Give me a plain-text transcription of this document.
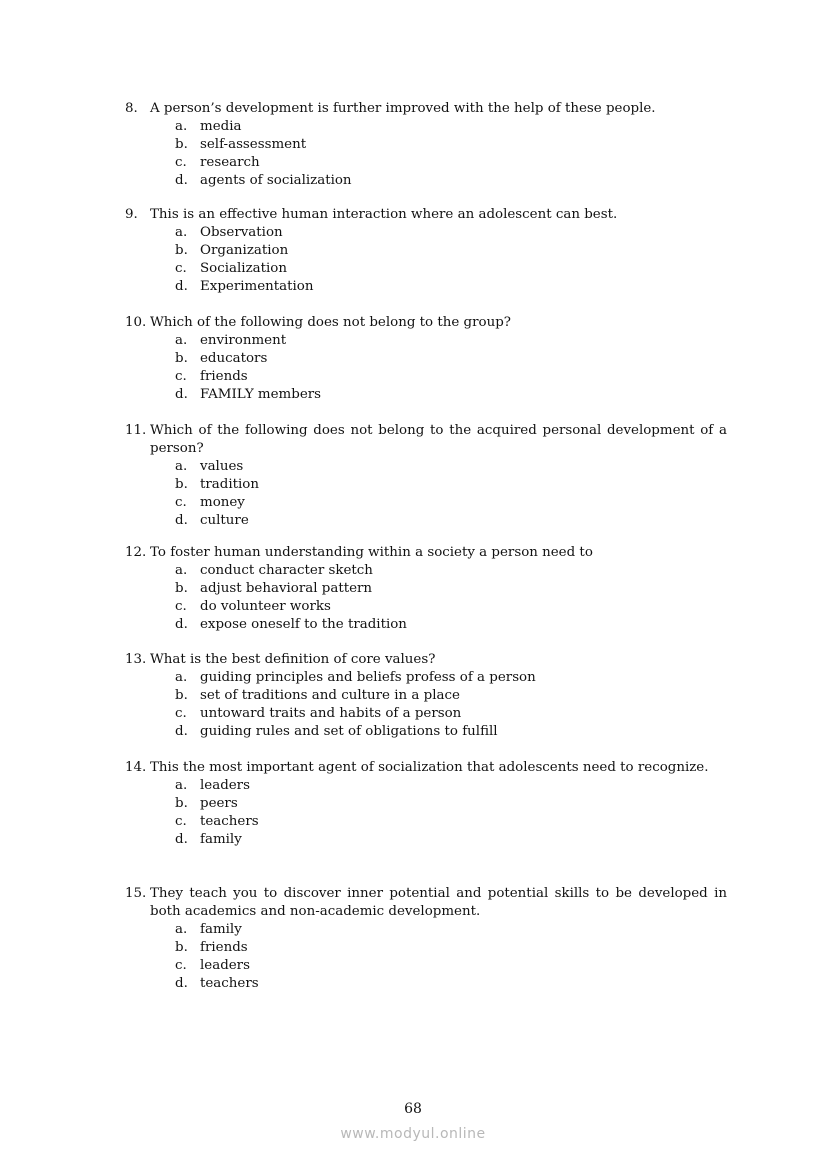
8. A person’s development is further improved with the help of these people.
a. media
b. self-assessment
c. research
d. agents of socialization
9. This is an effective human interaction where an adolescent can best.
a. Observation
b. Organization
c. Socialization
d. Experimentation
10. Which of the following does not belong to the group?
a. environment
b. educators
c. friends
d. FAMILY members
11. Which of the following does not belong to the acquired personal development of a person?
a. values
b. tradition
c. money
d. culture
12. To foster human understanding within a society a person need to
a. conduct character sketch
b. adjust behavioral pattern
c. do volunteer works
d. expose oneself to the tradition
13. What is the best definition of core values?
a. guiding principles and beliefs profess of a person
b. set of traditions and culture in a place
c. untoward traits and habits of a person
d. guiding rules and set of obligations to fulfill
14. This the most important agent of socialization that adolescents need to recognize.
a. leaders
b. peers
c. teachers
d. family
15. They teach you to discover inner potential and potential skills to be developed in both academics and non-academic development.
a. family
b. friends
c. leaders
d. teachers
68
www.modyul.online
